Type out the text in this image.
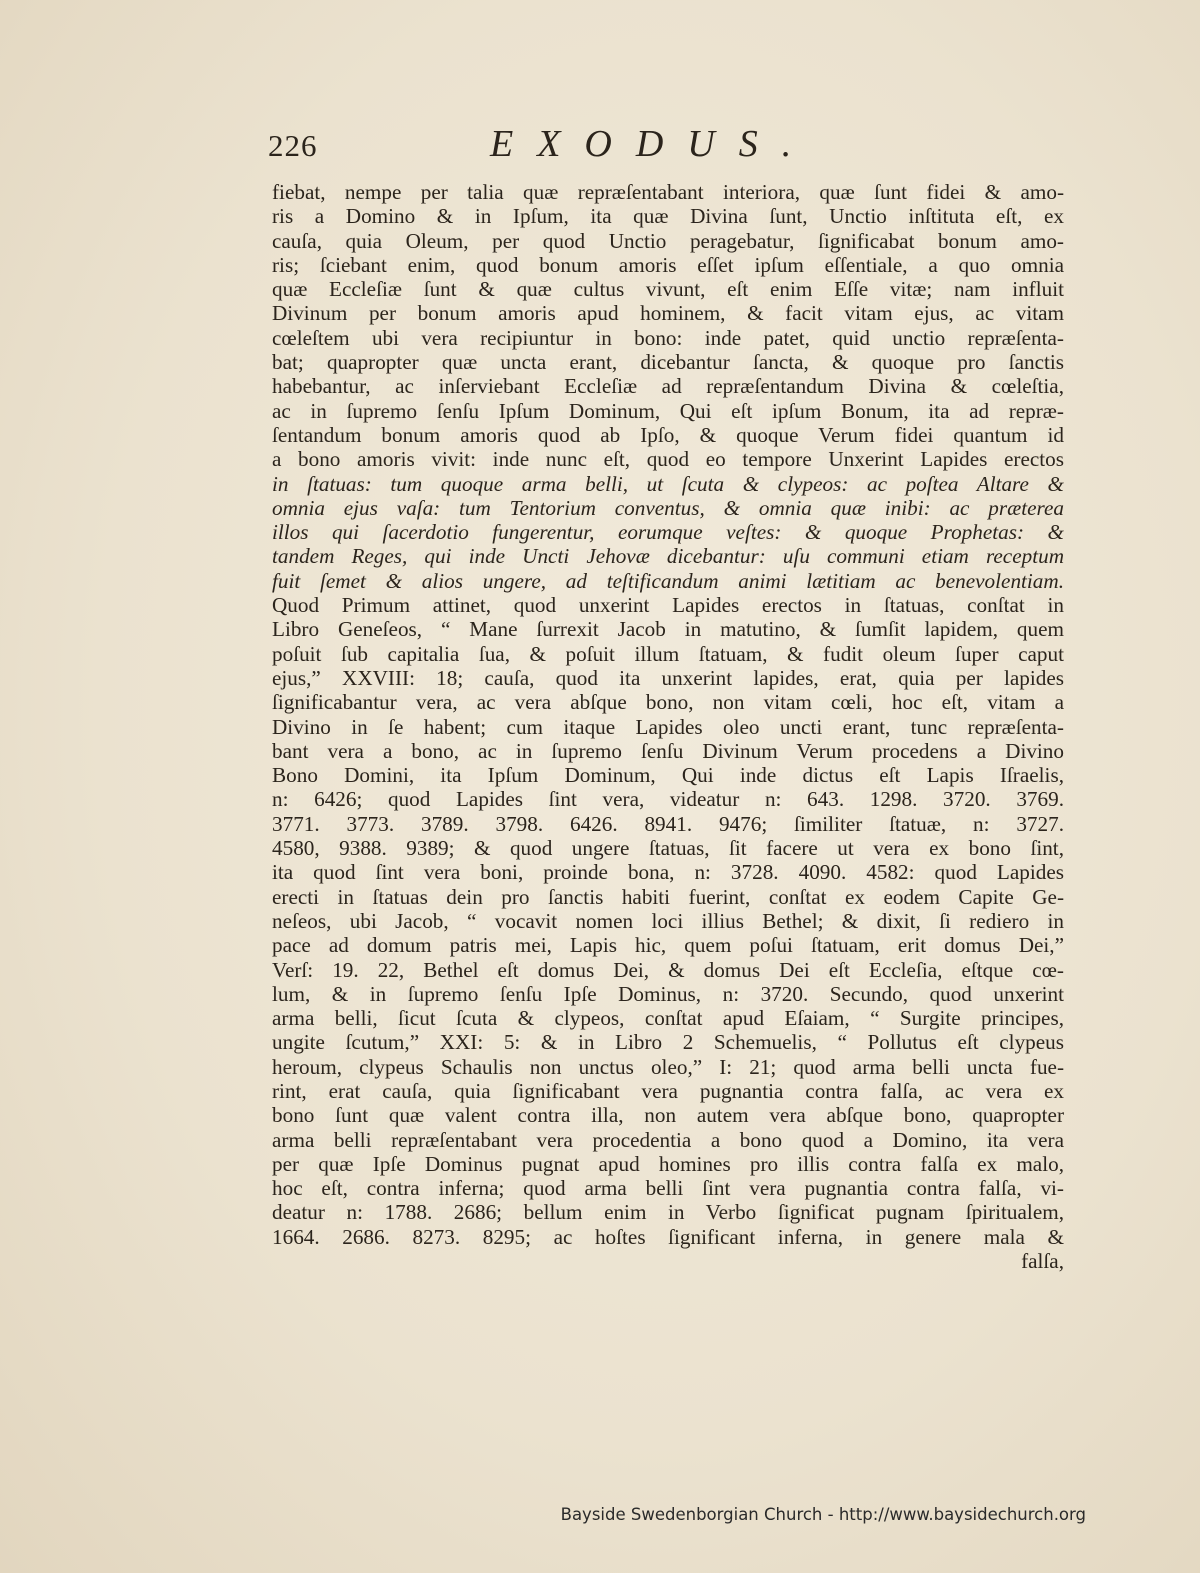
226	EXODUS.
fiebat, nempe per talia quæ repræſentabant interiora, quæ ſunt fidei & amo-
ris a Domino & in Ipſum, ita quæ Divina ſunt, Unctio inſtituta eſt, ex
cauſa, quia Oleum, per quod Unctio peragebatur, ſignificabat bonum amo-
ris; ſciebant enim, quod bonum amoris eſſet ipſum eſſentiale, a quo omnia
quæ Eccleſiæ ſunt & quæ cultus vivunt, eſt enim Eſſe vitæ; nam influit
Divinum per bonum amoris apud hominem, & facit vitam ejus, ac vitam
cœleſtem ubi vera recipiuntur in bono: inde patet, quid unctio repræſenta-
bat; quapropter quæ uncta erant, dicebantur ſancta, & quoque pro ſanctis
habebantur, ac inſerviebant Eccleſiæ ad repræſentandum Divina & cœleſtia,
ac in ſupremo ſenſu Ipſum Dominum, Qui eſt ipſum Bonum, ita ad repræ-
ſentandum bonum amoris quod ab Ipſo, & quoque Verum fidei quantum id
a bono amoris vivit: inde nunc eſt, quod eo tempore Unxerint Lapides erectos
in ſtatuas: tum quoque arma belli, ut ſcuta & clypeos: ac poſtea Altare &
omnia ejus vaſa: tum Tentorium conventus, & omnia quæ inibi: ac præterea
illos qui ſacerdotio fungerentur, eorumque veſtes: & quoque Prophetas: &
tandem Reges, qui inde Uncti Jehovæ dicebantur: uſu communi etiam receptum
fuit ſemet & alios ungere, ad teſtificandum animi lætitiam ac benevolentiam.
Quod Primum attinet, quod unxerint Lapides erectos in ſtatuas, conſtat in
Libro Geneſeos, “ Mane ſurrexit Jacob in matutino, & ſumſit lapidem, quem
poſuit ſub capitalia ſua, & poſuit illum ſtatuam, & fudit oleum ſuper caput
ejus,” XXVIII: 18; cauſa, quod ita unxerint lapides, erat, quia per lapides
ſignificabantur vera, ac vera abſque bono, non vitam cœli, hoc eſt, vitam a
Divino in ſe habent; cum itaque Lapides oleo uncti erant, tunc repræſenta-
bant vera a bono, ac in ſupremo ſenſu Divinum Verum procedens a Divino
Bono Domini, ita Ipſum Dominum, Qui inde dictus eſt Lapis Iſraelis,
n: 6426; quod Lapides ſint vera, videatur n: 643. 1298. 3720. 3769.
3771. 3773. 3789. 3798. 6426. 8941. 9476; ſimiliter ſtatuæ, n: 3727.
4580, 9388. 9389; & quod ungere ſtatuas, ſit facere ut vera ex bono ſint,
ita quod ſint vera boni, proinde bona, n: 3728. 4090. 4582: quod Lapides
erecti in ſtatuas dein pro ſanctis habiti fuerint, conſtat ex eodem Capite Ge-
neſeos, ubi Jacob, “ vocavit nomen loci illius Bethel; & dixit, ſi rediero in
pace ad domum patris mei, Lapis hic, quem poſui ſtatuam, erit domus Dei,”
Verſ: 19. 22, Bethel eſt domus Dei, & domus Dei eſt Eccleſia, eſtque cœ-
lum, & in ſupremo ſenſu Ipſe Dominus, n: 3720. Secundo, quod unxerint
arma belli, ſicut ſcuta & clypeos, conſtat apud Eſaiam, “ Surgite principes,
ungite ſcutum,” XXI: 5: & in Libro 2 Schemuelis, “ Pollutus eſt clypeus
heroum, clypeus Schaulis non unctus oleo,” I: 21; quod arma belli uncta fue-
rint, erat cauſa, quia ſignificabant vera pugnantia contra falſa, ac vera ex
bono ſunt quæ valent contra illa, non autem vera abſque bono, quapropter
arma belli repræſentabant vera procedentia a bono quod a Domino, ita vera
per quæ Ipſe Dominus pugnat apud homines pro illis contra falſa ex malo,
hoc eſt, contra inferna; quod arma belli ſint vera pugnantia contra falſa, vi-
deatur n: 1788. 2686; bellum enim in Verbo ſignificat pugnam ſpiritualem,
1664. 2686. 8273. 8295; ac hoſtes ſignificant inferna, in genere mala &
falſa,
Bayside Swedenborgian Church - http://www.baysidechurch.org
